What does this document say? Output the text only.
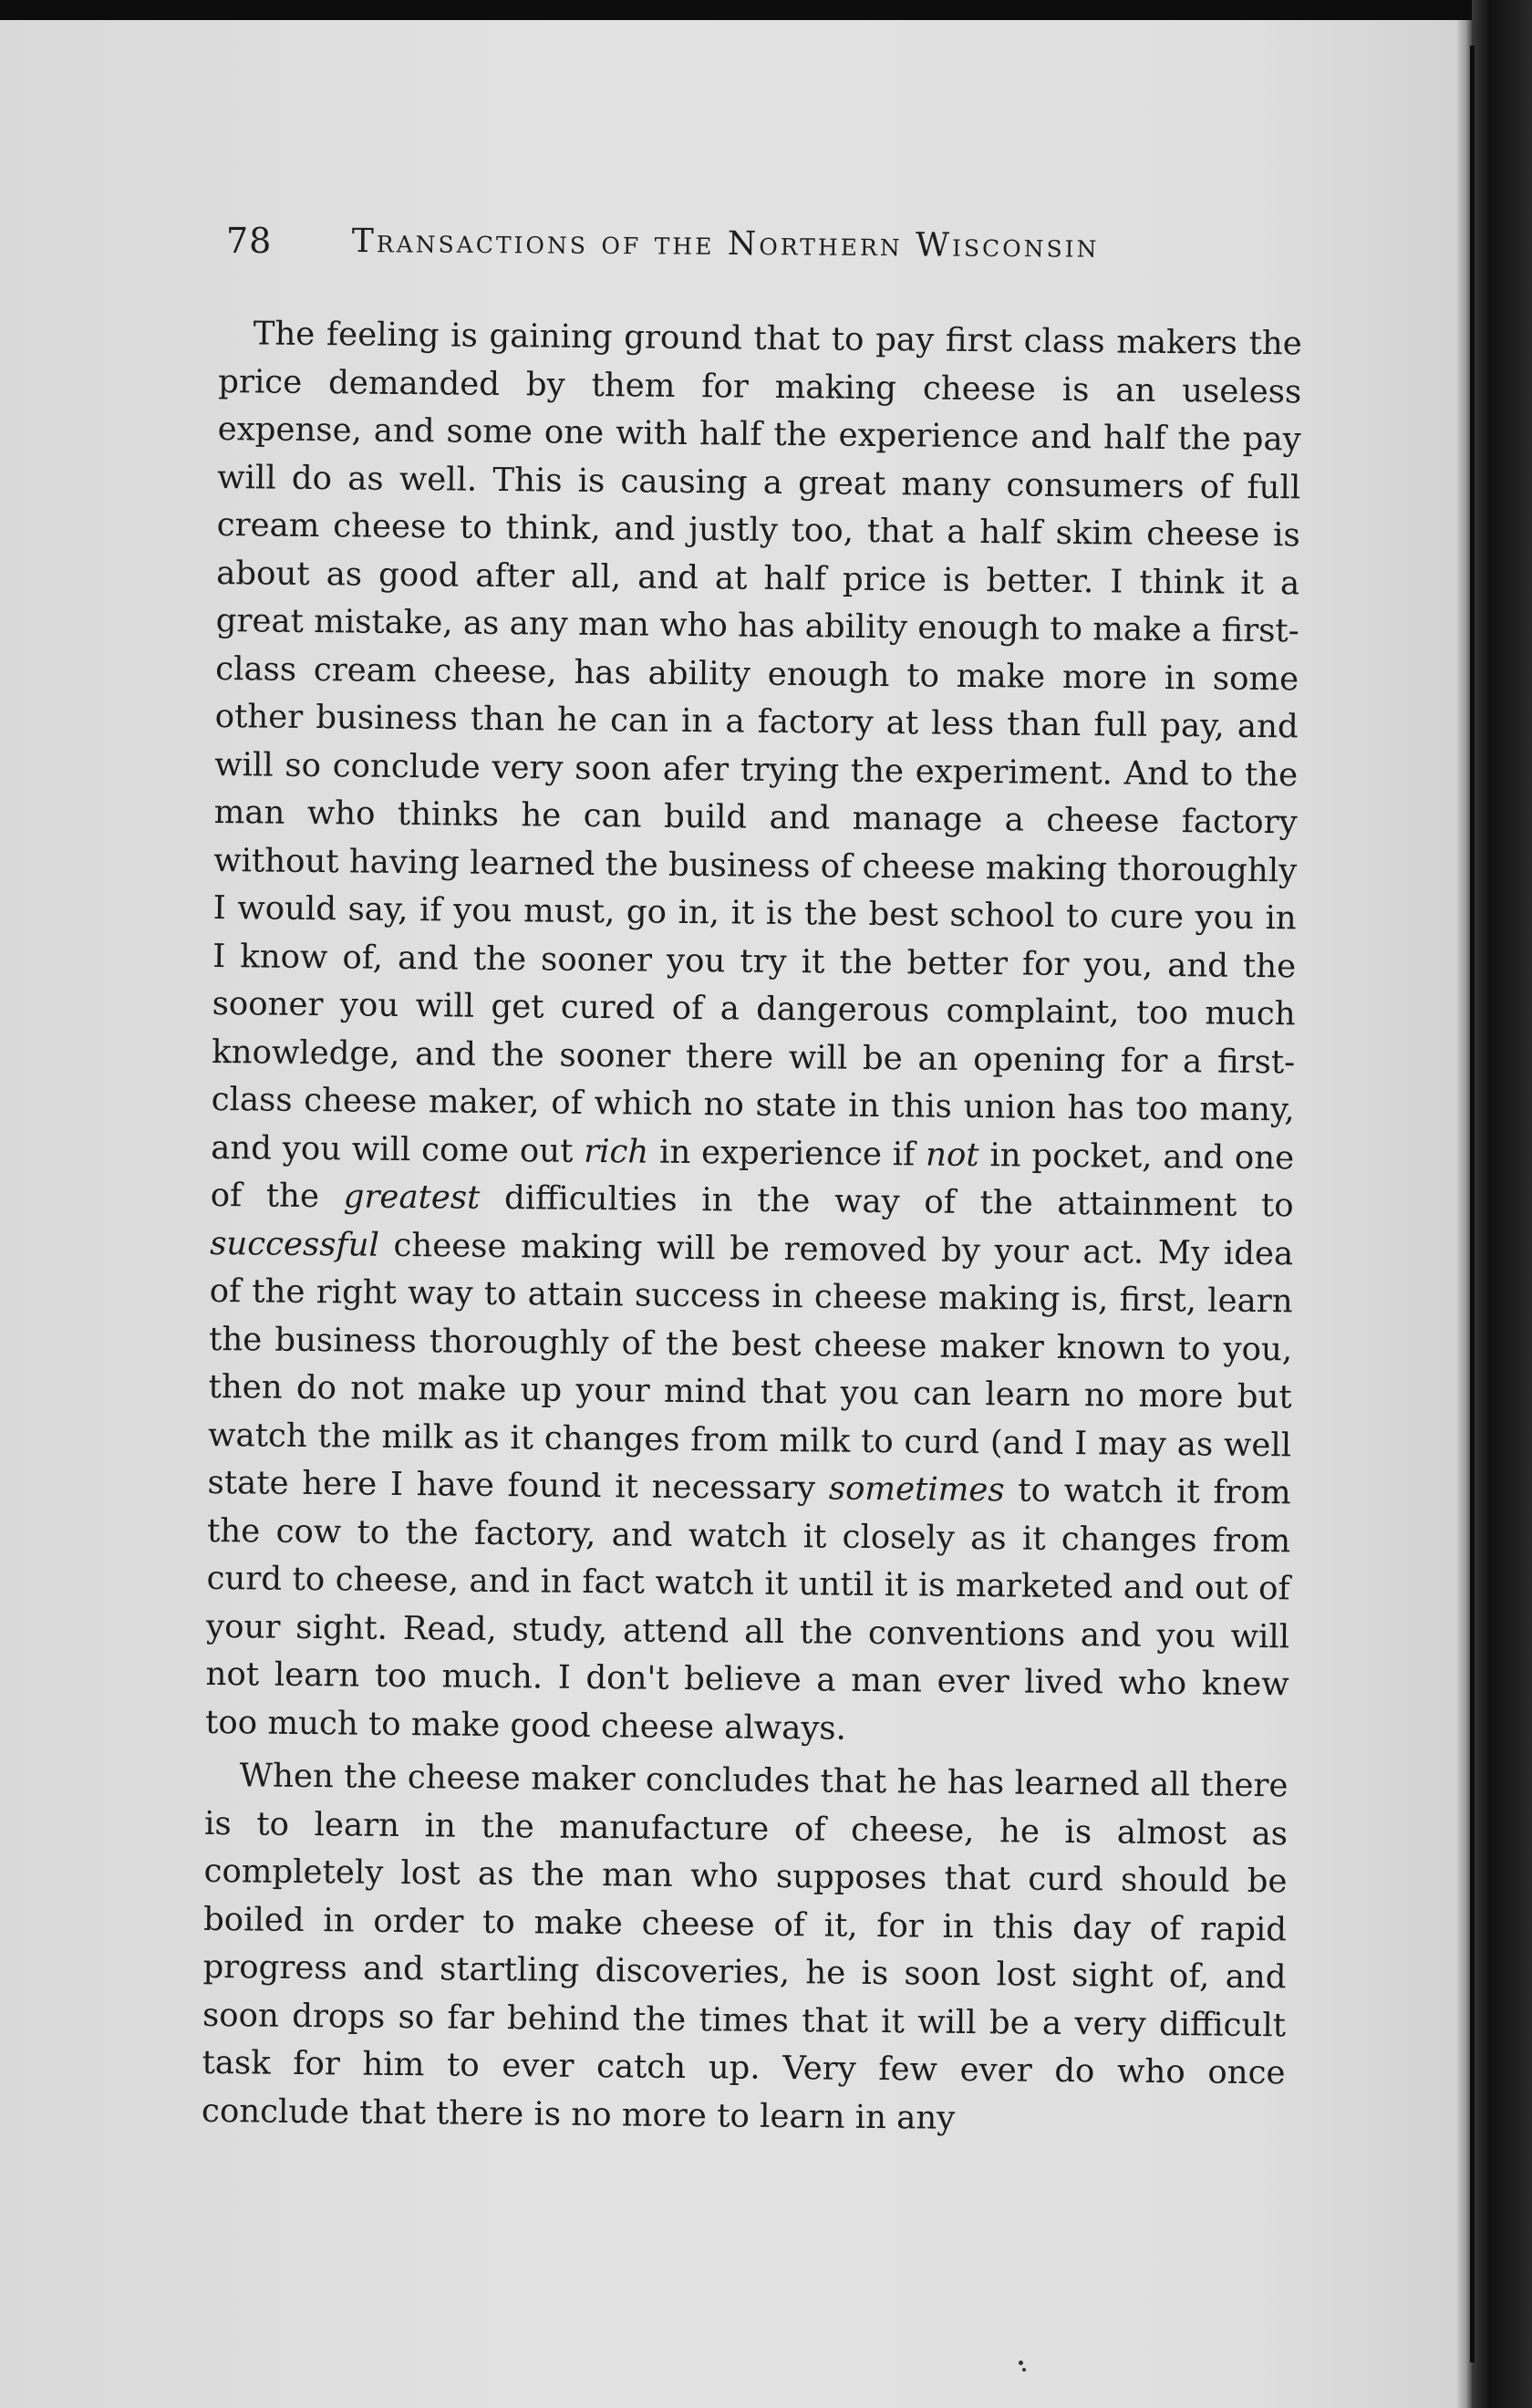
78 Transactions of the Northern Wisconsin

The feeling is gaining ground that to pay first class makers the price demanded by them for making cheese is an useless expense, and some one with half the experience and half the pay will do as well. This is causing a great many consumers of full cream cheese to think, and justly too, that a half skim cheese is about as good after all, and at half price is better. I think it a great mistake, as any man who has ability enough to make a first-class cream cheese, has ability enough to make more in some other business than he can in a factory at less than full pay, and will so conclude very soon afer trying the experiment. And to the man who thinks he can build and manage a cheese factory without having learned the business of cheese making thoroughly I would say, if you must, go in, it is the best school to cure you in I know of, and the sooner you try it the better for you, and the sooner you will get cured of a dangerous complaint, too much knowledge, and the sooner there will be an opening for a first-class cheese maker, of which no state in this union has too many, and you will come out rich in experience if not in pocket, and one of the greatest difficulties in the way of the attainment to successful cheese making will be removed by your act. My idea of the right way to attain success in cheese making is, first, learn the business thoroughly of the best cheese maker known to you, then do not make up your mind that you can learn no more but watch the milk as it changes from milk to curd (and I may as well state here I have found it necessary sometimes to watch it from the cow to the factory, and watch it closely as it changes from curd to cheese, and in fact watch it until it is marketed and out of your sight. Read, study, attend all the conventions and you will not learn too much. I don't believe a man ever lived who knew too much to make good cheese always.

When the cheese maker concludes that he has learned all there is to learn in the manufacture of cheese, he is almost as completely lost as the man who supposes that curd should be boiled in order to make cheese of it, for in this day of rapid progress and startling discoveries, he is soon lost sight of, and soon drops so far behind the times that it will be a very difficult task for him to ever catch up. Very few ever do who once conclude that there is no more to learn in any
